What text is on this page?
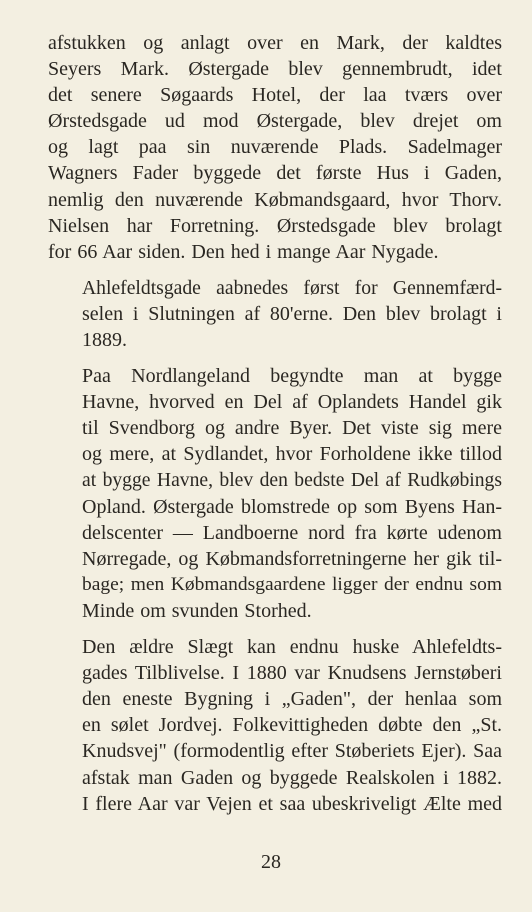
afstukken og anlagt over en Mark, der kaldtes
Seyers Mark. Østergade blev gennembrudt, idet
det senere Søgaards Hotel, der laa tværs over
Ørstedsgade ud mod Østergade, blev drejet om
og lagt paa sin nuværende Plads. Sadelmager
Wagners Fader byggede det første Hus i Gaden,
nemlig den nuværende Købmandsgaard, hvor Thorv.
Nielsen har Forretning. Ørstedsgade blev brolagt
for 66 Aar siden. Den hed i mange Aar Nygade.

Ahlefeldtsgade aabnedes først for Gennemfærd-
selen i Slutningen af 80'erne. Den blev brolagt i
1889.

Paa Nordlangeland begyndte man at bygge
Havne, hvorved en Del af Oplandets Handel gik
til Svendborg og andre Byer. Det viste sig mere
og mere, at Sydlandet, hvor Forholdene ikke tillod
at bygge Havne, blev den bedste Del af Rudkøbings
Opland. Østergade blomstrede op som Byens Han-
delscenter — Landboerne nord fra kørte udenom
Nørregade, og Købmandsforretningerne her gik til-
bage; men Købmandsgaardene ligger der endnu som
Minde om svunden Storhed.

Den ældre Slægt kan endnu huske Ahlefeldts-
gades Tilblivelse. I 1880 var Knudsens Jernstøberi
den eneste Bygning i „Gaden", der henlaa som
en sølet Jordvej. Folkevittigheden døbte den „St.
Knudsvej" (formodentlig efter Støberiets Ejer). Saa
afstak man Gaden og byggede Realskolen i 1882.
I flere Aar var Vejen et saa ubeskriveligt Ælte med

28
